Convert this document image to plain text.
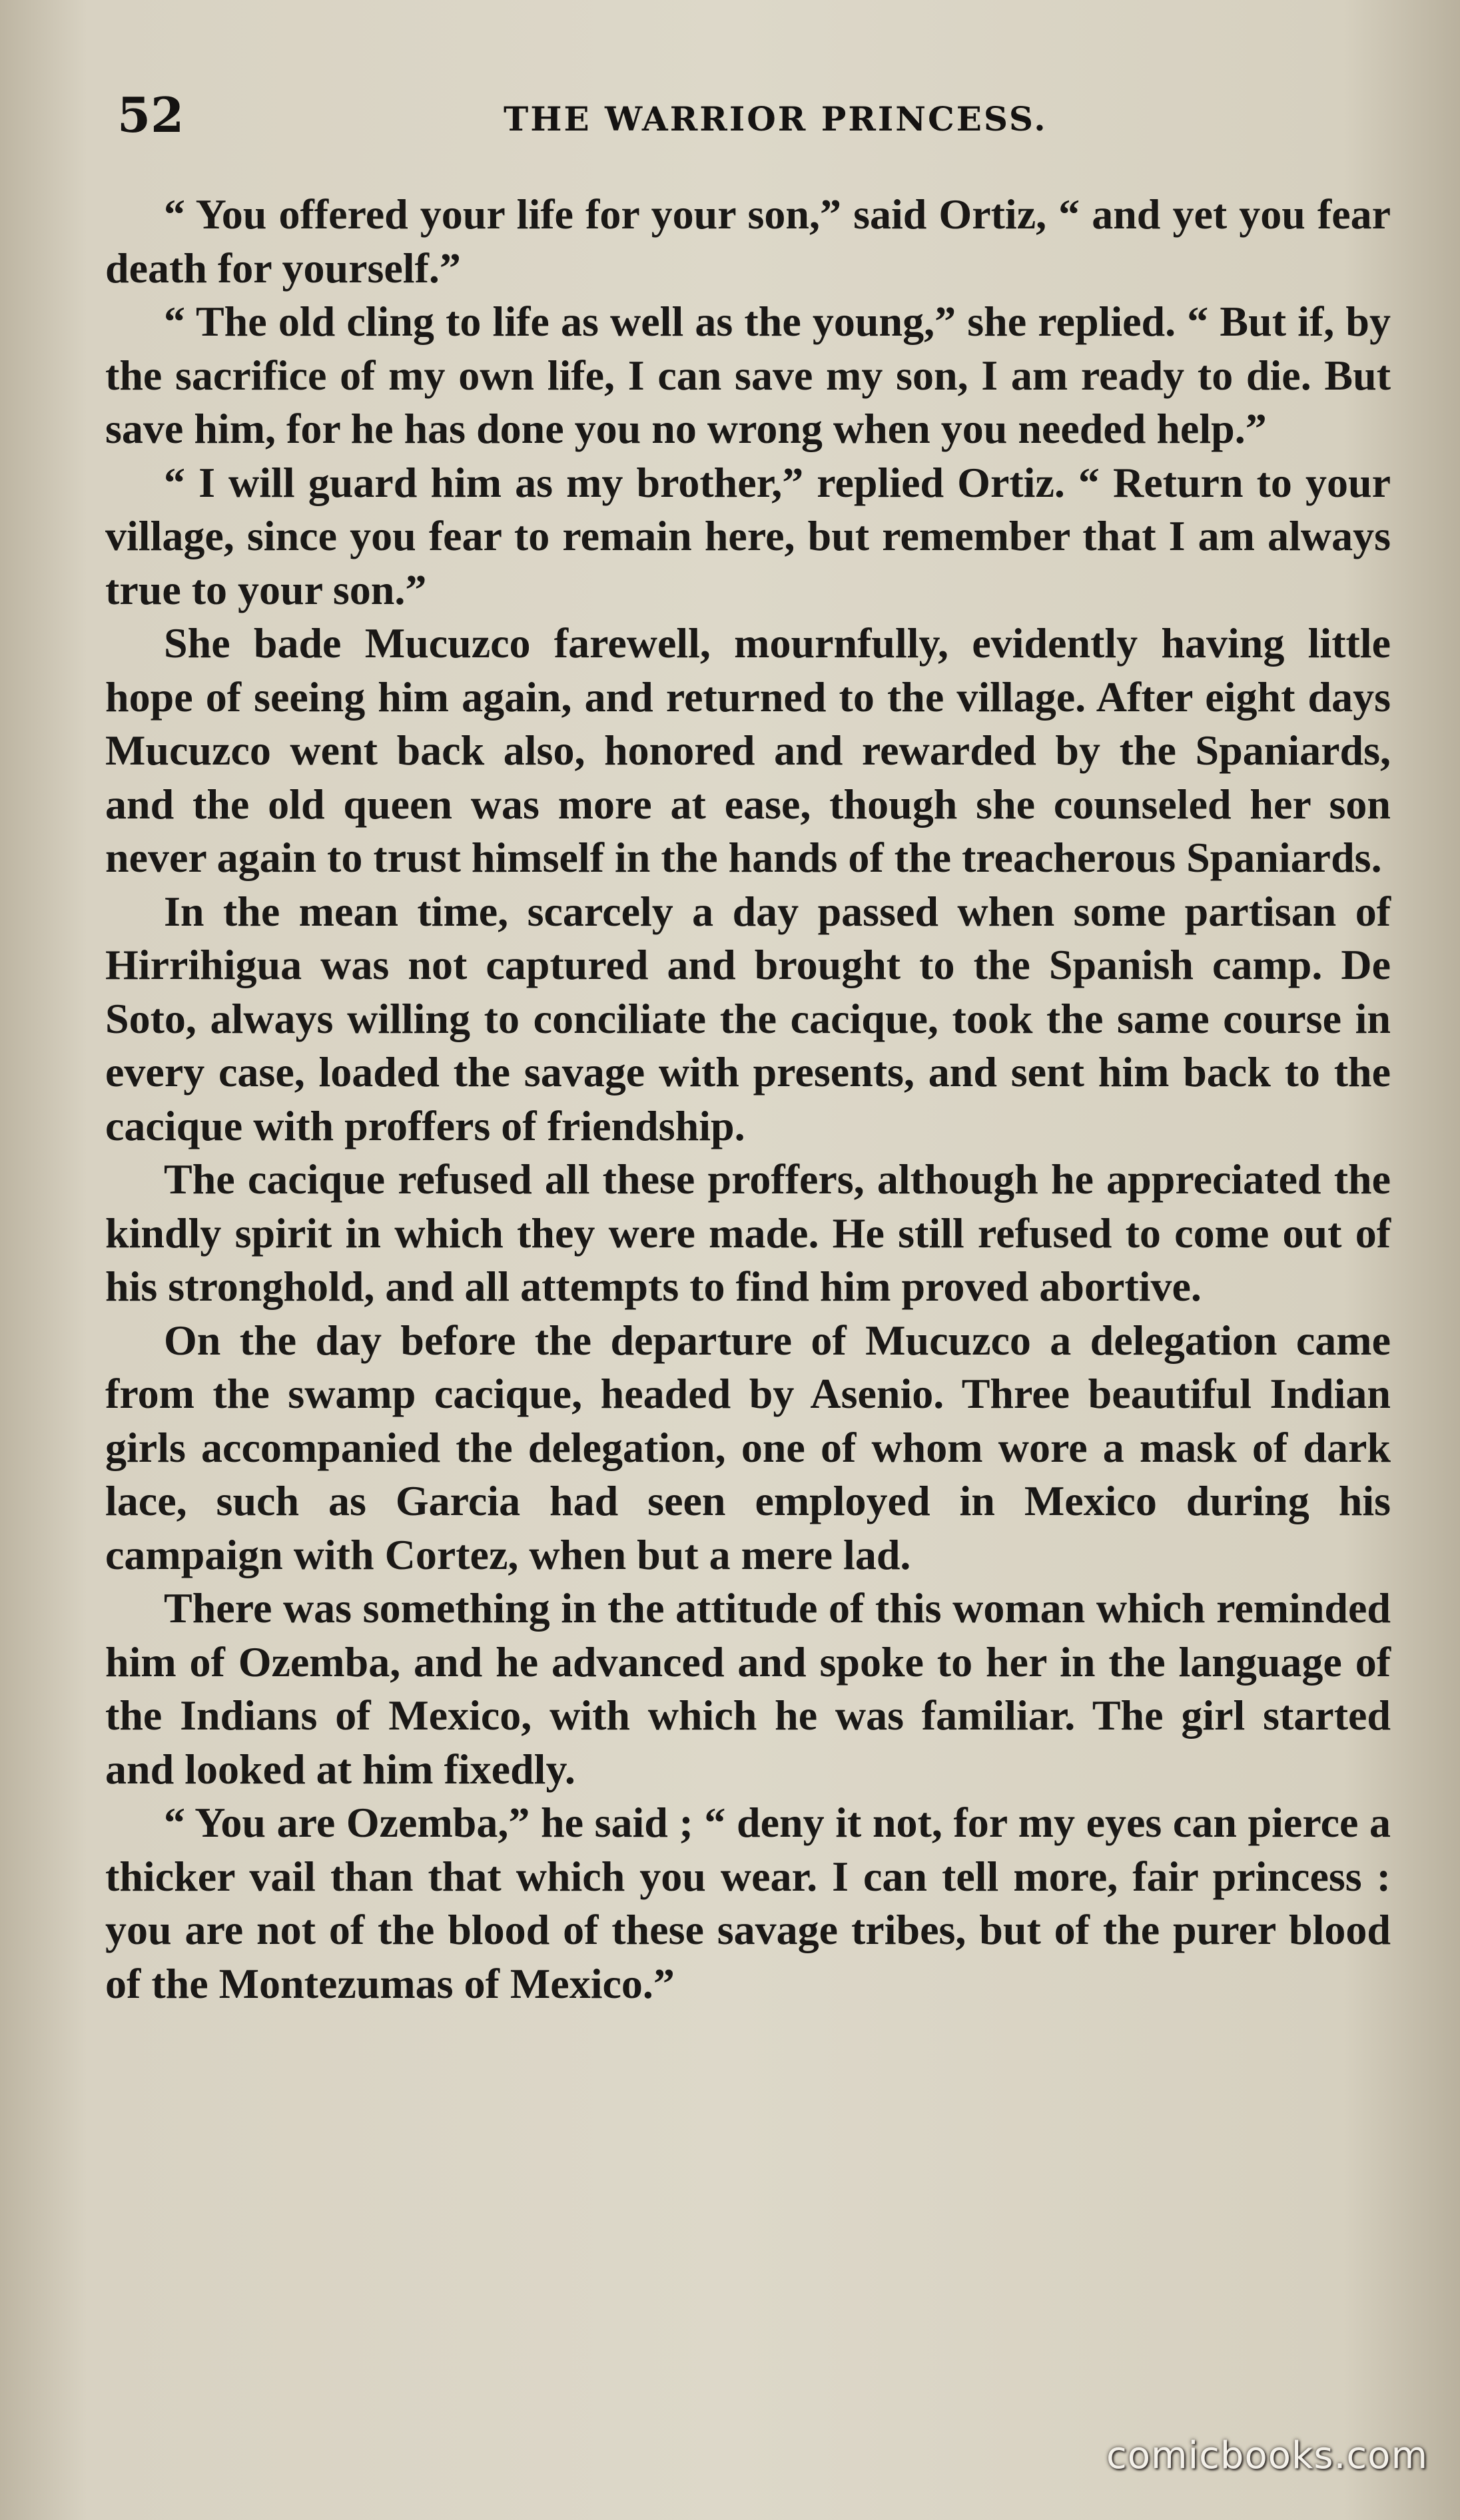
52	THE WARRIOR PRINCESS.

“ You offered your life for your son,” said Ortiz, “ and yet you fear death for yourself.”

“ The old cling to life as well as the young,” she replied. “ But if, by the sacrifice of my own life, I can save my son, I am ready to die. But save him, for he has done you no wrong when you needed help.”

“ I will guard him as my brother,” replied Ortiz. “ Return to your village, since you fear to remain here, but remember that I am always true to your son.”

She bade Mucuzco farewell, mournfully, evidently having little hope of seeing him again, and returned to the village. After eight days Mucuzco went back also, honored and rewarded by the Spaniards, and the old queen was more at ease, though she counseled her son never again to trust himself in the hands of the treacherous Spaniards.

In the mean time, scarcely a day passed when some partisan of Hirrihigua was not captured and brought to the Spanish camp. De Soto, always willing to conciliate the cacique, took the same course in every case, loaded the savage with presents, and sent him back to the cacique with proffers of friendship.

The cacique refused all these proffers, although he appreciated the kindly spirit in which they were made. He still refused to come out of his stronghold, and all attempts to find him proved abortive.

On the day before the departure of Mucuzco a delegation came from the swamp cacique, headed by Asenio. Three beautiful Indian girls accompanied the delegation, one of whom wore a mask of dark lace, such as Garcia had seen employed in Mexico during his campaign with Cortez, when but a mere lad.

There was something in the attitude of this woman which reminded him of Ozemba, and he advanced and spoke to her in the language of the Indians of Mexico, with which he was familiar. The girl started and looked at him fixedly.

“ You are Ozemba,” he said ; “ deny it not, for my eyes can pierce a thicker vail than that which you wear. I can tell more, fair princess : you are not of the blood of these savage tribes, but of the purer blood of the Montezumas of Mexico.”

comicbooks.com
